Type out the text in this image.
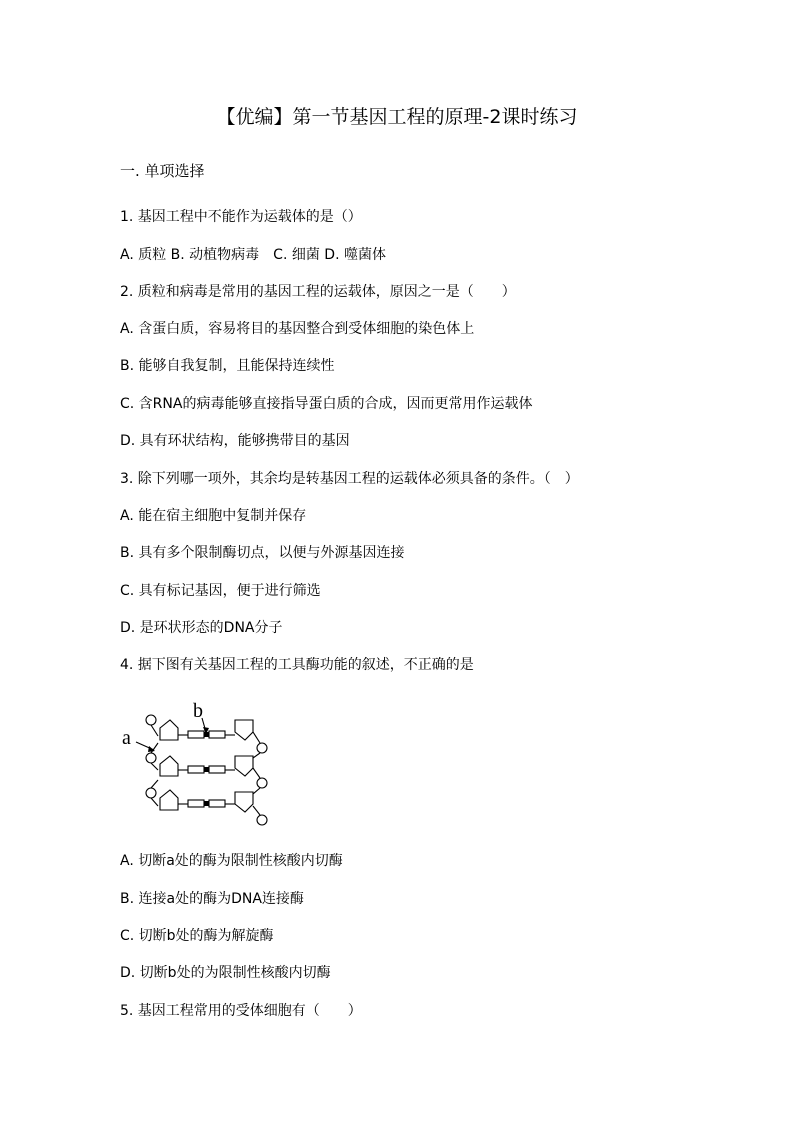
【优编】第一节基因工程的原理-2课时练习
一. 单项选择
1. 基因工程中不能作为运载体的是（）
A. 质粒 B. 动植物病毒　C. 细菌 D. 噬菌体
2. 质粒和病毒是常用的基因工程的运载体，原因之一是（　　）
A. 含蛋白质，容易将目的基因整合到受体细胞的染色体上
B. 能够自我复制，且能保持连续性
C. 含RNA的病毒能够直接指导蛋白质的合成，因而更常用作运载体
D. 具有环状结构，能够携带目的基因
3. 除下列哪一项外，其余均是转基因工程的运载体必须具备的条件。（　）
A. 能在宿主细胞中复制并保存
B. 具有多个限制酶切点，以便与外源基因连接
C. 具有标记基因，便于进行筛选
D. 是环状形态的DNA分子
4. 据下图有关基因工程的工具酶功能的叙述，不正确的是
a
b
A. 切断a处的酶为限制性核酸内切酶
B. 连接a处的酶为DNA连接酶
C. 切断b处的酶为解旋酶
D. 切断b处的为限制性核酸内切酶
5. 基因工程常用的受体细胞有（　　）
